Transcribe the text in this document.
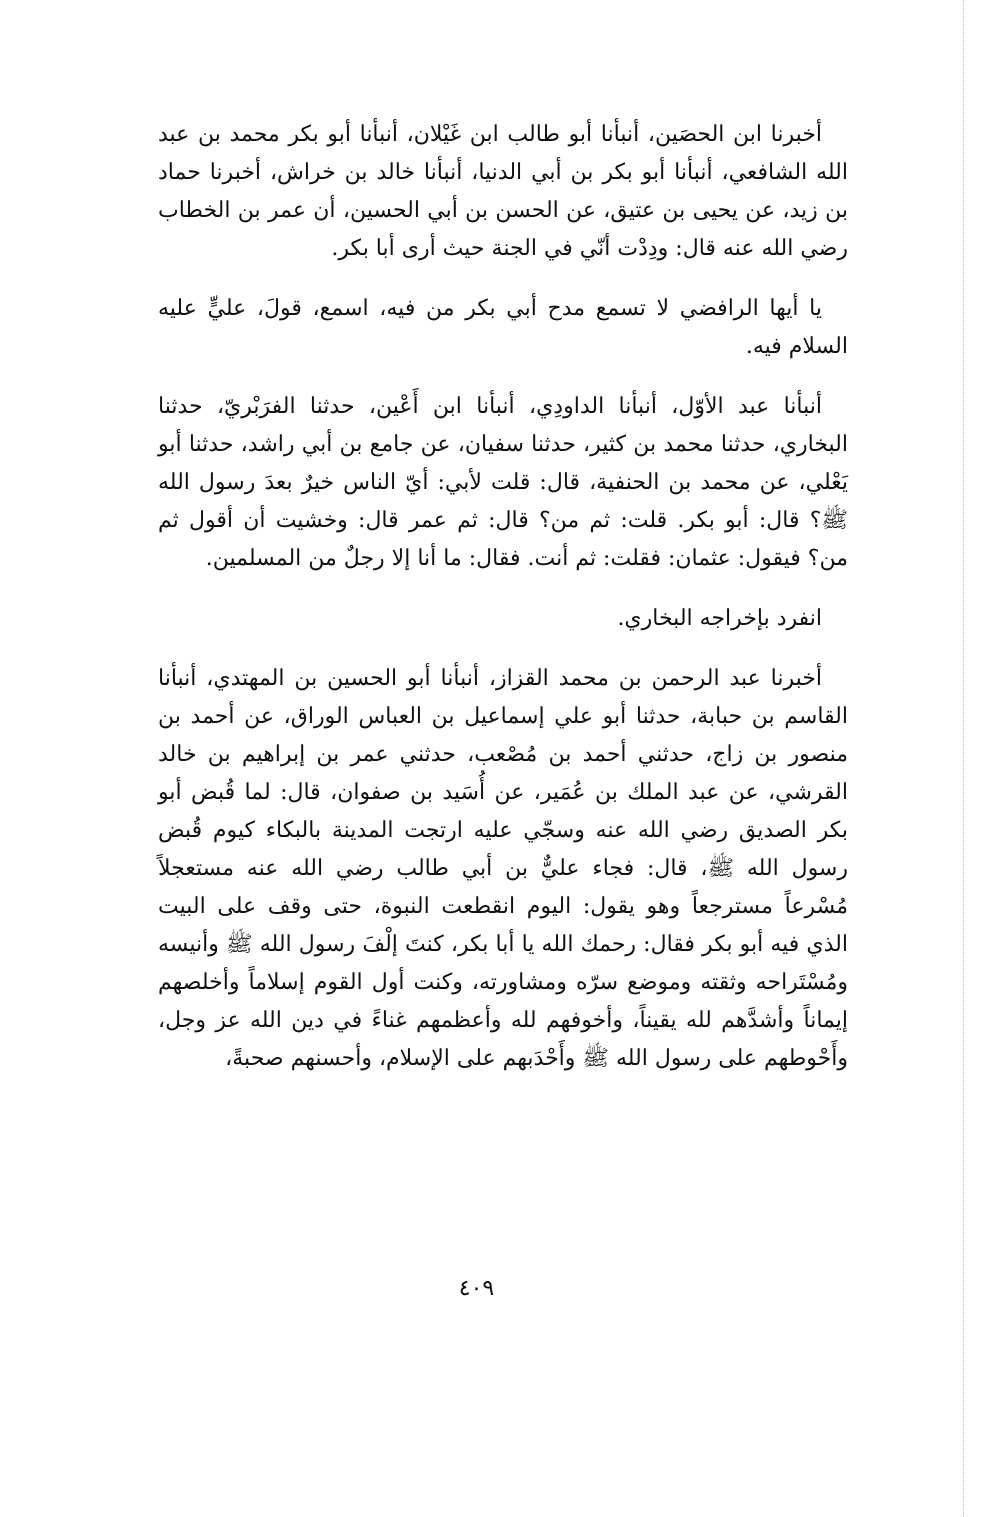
أخبرنا ابن الحصَين، أنبأنا أبو طالب ابن غَيْلان، أنبأنا أبو بكر محمد بن عبد الله الشافعي، أنبأنا أبو بكر بن أبي الدنيا، أنبأنا خالد بن خراش، أخبرنا حماد بن زيد، عن يحيى بن عتيق، عن الحسن بن أبي الحسين، أن عمر بن الخطاب رضي الله عنه قال: ودِدْت أنّي في الجنة حيث أرى أبا بكر.

يا أيها الرافضي لا تسمع مدح أبي بكر من فيه، اسمع، قولَ، عليٍّ عليه السلام فيه.

أنبأنا عبد الأوّل، أنبأنا الداودِي، أنبأنا ابن أَعْين، حدثنا الفرَبْريّ، حدثنا البخاري، حدثنا محمد بن كثير، حدثنا سفيان، عن جامع بن أبي راشد، حدثنا أبو يَعْلي، عن محمد بن الحنفية، قال: قلت لأبي: أيّ الناس خيرٌ بعدَ رسول الله ﷺ؟ قال: أبو بكر. قلت: ثم من؟ قال: ثم عمر قال: وخشيت أن أقول ثم من؟ فيقول: عثمان: فقلت: ثم أنت. فقال: ما أنا إلا رجلٌ من المسلمين.

انفرد بإخراجه البخاري.

أخبرنا عبد الرحمن بن محمد القزاز، أنبأنا أبو الحسين بن المهتدي، أنبأنا القاسم بن حبابة، حدثنا أبو علي إسماعيل بن العباس الوراق، عن أحمد بن منصور بن زاج، حدثني أحمد بن مُصْعب، حدثني عمر بن إبراهيم بن خالد القرشي، عن عبد الملك بن عُمَير، عن أُسَيد بن صفوان، قال: لما قُبض أبو بكر الصديق رضي الله عنه وسجّي عليه ارتجت المدينة بالبكاء كيوم قُبض رسول الله ﷺ، قال: فجاء عليٌّ بن أبي طالب رضي الله عنه مستعجلاً مُسْرعاً مسترجعاً وهو يقول: اليوم انقطعت النبوة، حتى وقف على البيت الذي فيه أبو بكر فقال: رحمك الله يا أبا بكر، كنتَ إلْفَ رسول الله ﷺ وأنيسه ومُسْتَراحه وثقته وموضع سرّه ومشاورته، وكنت أول القوم إسلاماً وأخلصهم إيماناً وأشدَّهم لله يقيناً، وأخوفهم لله وأعظمهم غناءً في دين الله عز وجل، وأَحْوطهم على رسول الله ﷺ وأَحْدَبهم على الإسلام، وأحسنهم صحبةً،

٤٠٩
